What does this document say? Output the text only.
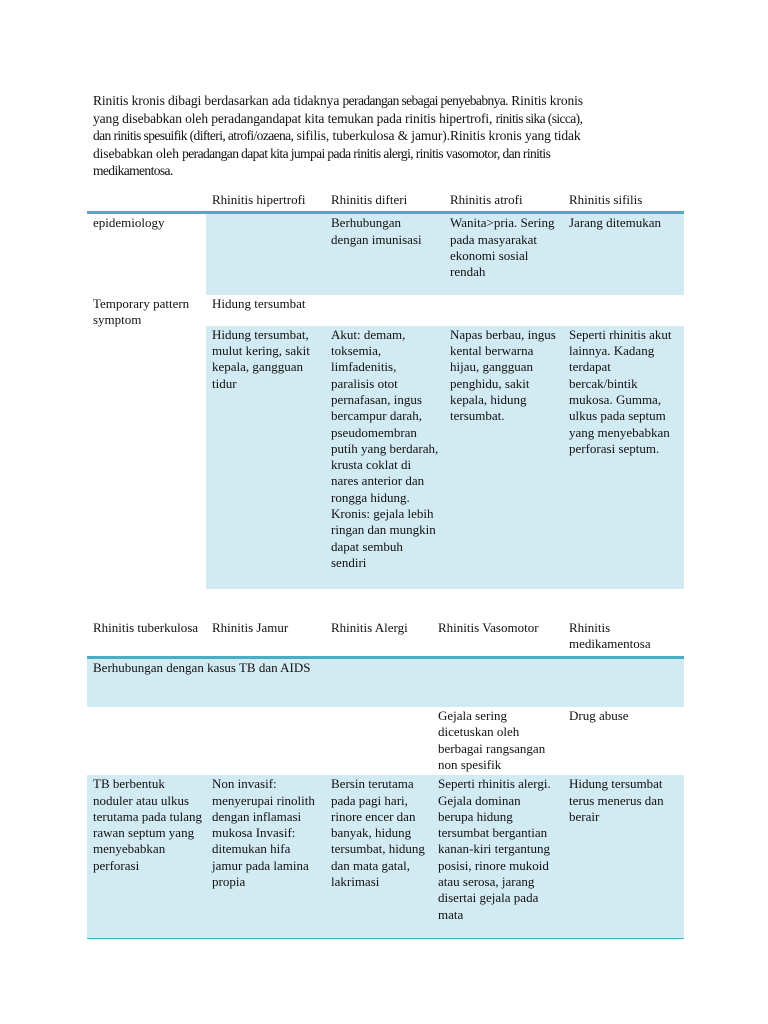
Rinitis kronis dibagi berdasarkan ada tidaknya peradangan sebagai penyebabnya. Rinitis kronis
yang disebabkan oleh peradangandapat kita temukan pada rinitis hipertrofi, rinitis sika (sicca),
dan rinitis spesuifik (difteri, atrofi/ozaena, sifilis, tuberkulosa & jamur).Rinitis kronis yang tidak
disebabkan oleh peradangan dapat kita jumpai pada rinitis alergi, rinitis vasomotor, dan rinitis
medikamentosa.
	Rhinitis hipertrofi	Rhinitis difteri	Rhinitis atrofi	Rhinitis sifilis
epidemiology		Berhubungan dengan imunisasi	Wanita>pria. Sering pada masyarakat ekonomi sosial rendah	Jarang ditemukan
Temporary pattern
symptom	Hidung tersumbat			
	Hidung tersumbat, mulut kering, sakit kepala, gangguan tidur	Akut: demam, toksemia, limfadenitis, paralisis otot pernafasan, ingus bercampur darah, pseudomembran putih yang berdarah, krusta coklat di nares anterior dan rongga hidung. Kronis: gejala lebih ringan dan mungkin dapat sembuh sendiri	Napas berbau, ingus kental berwarna hijau, gangguan penghidu, sakit kepala, hidung tersumbat.	Seperti rhinitis akut lainnya. Kadang terdapat bercak/bintik mukosa. Gumma, ulkus pada septum yang menyebabkan perforasi septum.
Rhinitis tuberkulosa	Rhinitis Jamur	Rhinitis Alergi	Rhinitis Vasomotor	Rhinitis medikamentosa
Berhubungan dengan kasus TB dan AIDS				
			Gejala sering dicetuskan oleh berbagai rangsangan non spesifik	Drug abuse
TB berbentuk noduler atau ulkus terutama pada tulang rawan septum yang menyebabkan perforasi	Non invasif: menyerupai rinolith dengan inflamasi mukosa Invasif: ditemukan hifa jamur pada lamina propia	Bersin terutama pada pagi hari, rinore encer dan banyak, hidung tersumbat, hidung dan mata gatal, lakrimasi	Seperti rhinitis alergi. Gejala dominan berupa hidung tersumbat bergantian kanan-kiri tergantung posisi, rinore mukoid atau serosa, jarang disertai gejala pada mata	Hidung tersumbat terus menerus dan berair
